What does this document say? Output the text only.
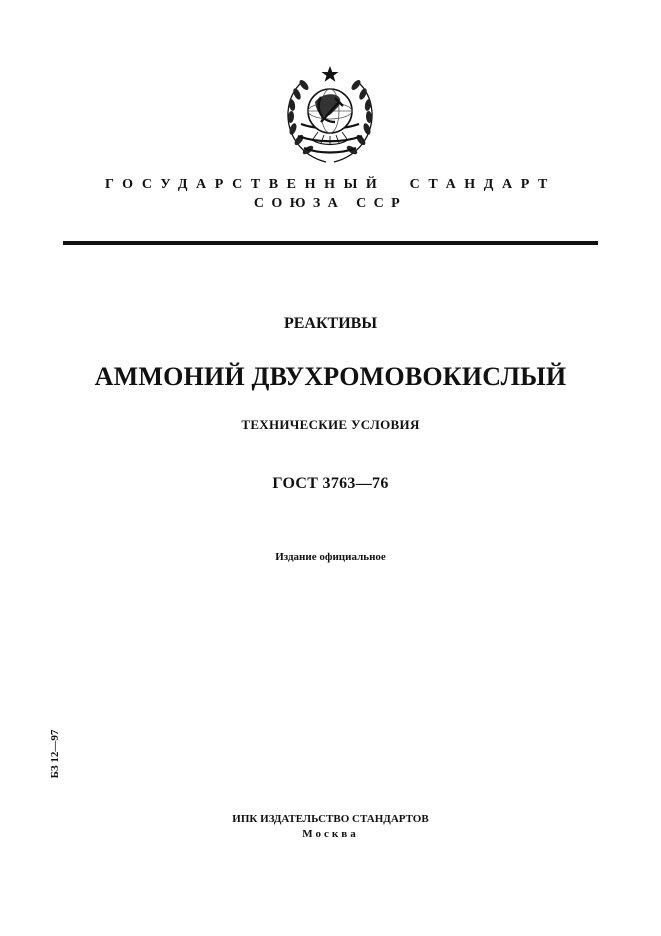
ГОСУДАРСТВЕННЫЙ  СТАНДАРТ
СОЮЗА ССР
РЕАКТИВЫ
АММОНИЙ ДВУХРОМОВОКИСЛЫЙ
ТЕХНИЧЕСКИЕ УСЛОВИЯ
ГОСТ 3763—76
Издание официальное
БЗ 12—97
ИПК ИЗДАТЕЛЬСТВО СТАНДАРТОВ
Москва
